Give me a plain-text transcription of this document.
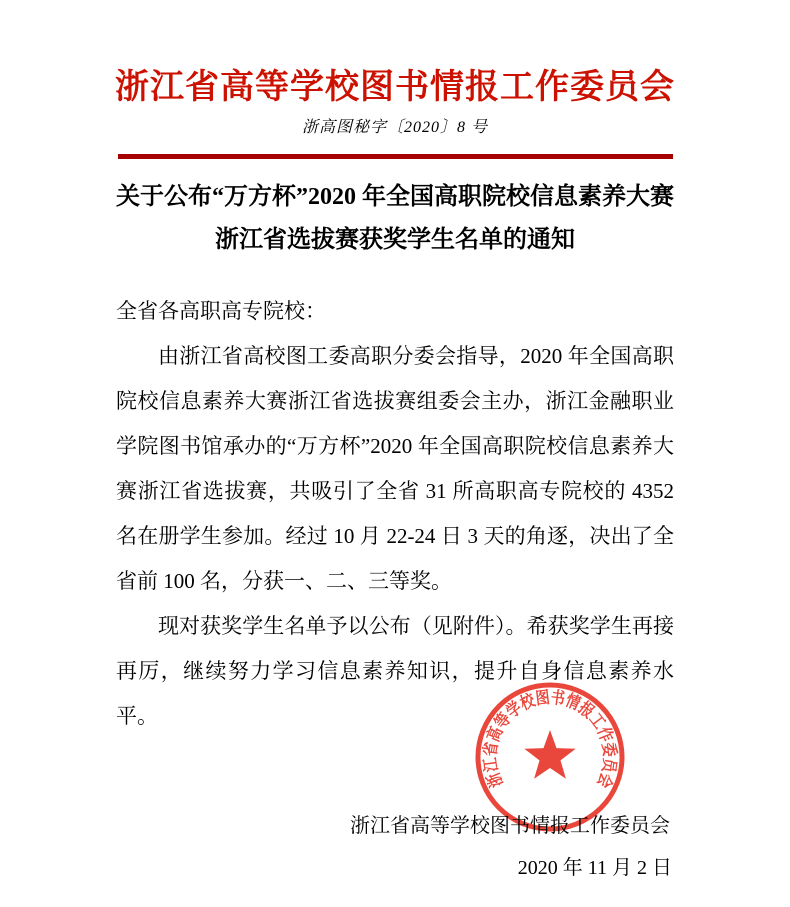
浙江省高等学校图书情报工作委员会
浙高图秘字〔2020〕8 号
关于公布“万方杯”2020 年全国高职院校信息素养大赛
浙江省选拔赛获奖学生名单的通知

全省各高职高专院校：

由浙江省高校图工委高职分委会指导，2020 年全国高职院校信息素养大赛浙江省选拔赛组委会主办，浙江金融职业学院图书馆承办的“万方杯”2020 年全国高职院校信息素养大赛浙江省选拔赛，共吸引了全省 31 所高职高专院校的 4352 名在册学生参加。经过 10 月 22-24 日 3 天的角逐，决出了全省前 100 名，分获一、二、三等奖。

现对获奖学生名单予以公布（见附件）。希获奖学生再接再厉，继续努力学习信息素养知识，提升自身信息素养水平。

浙江省高等学校图书情报工作委员会
2020 年 11 月 2 日
浙江省高等学校图书情报工作委员会
